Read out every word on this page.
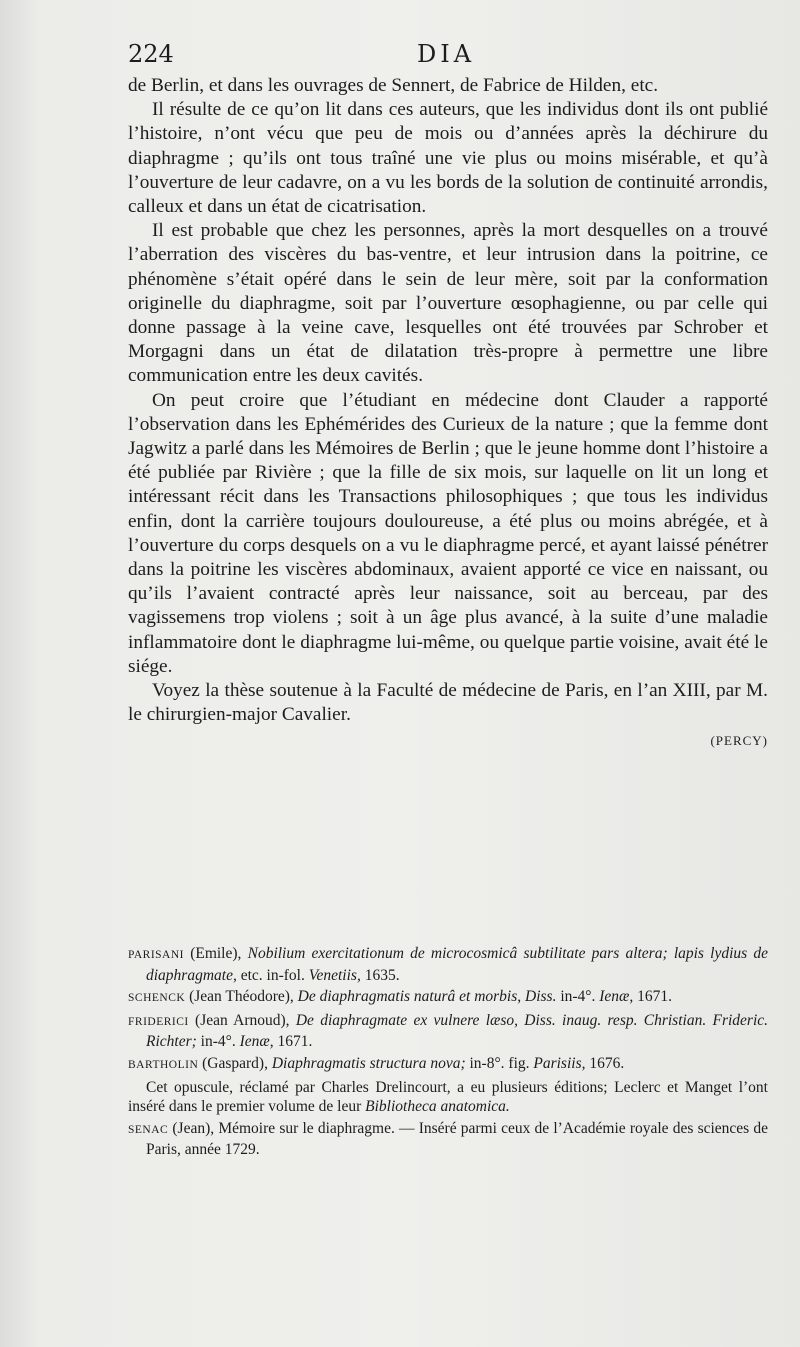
224	DIA

de Berlin, et dans les ouvrages de Sennert, de Fabrice de Hilden, etc.

Il résulte de ce qu’on lit dans ces auteurs, que les individus dont ils ont publié l’histoire, n’ont vécu que peu de mois ou d’années après la déchirure du diaphragme ; qu’ils ont tous traîné une vie plus ou moins misérable, et qu’à l’ouverture de leur cadavre, on a vu les bords de la solution de continuité arrondis, calleux et dans un état de cicatrisation.

Il est probable que chez les personnes, après la mort desquelles on a trouvé l’aberration des viscères du bas-ventre, et leur intrusion dans la poitrine, ce phénomène s’était opéré dans le sein de leur mère, soit par la conformation originelle du diaphragme, soit par l’ouverture œsophagienne, ou par celle qui donne passage à la veine cave, lesquelles ont été trouvées par Schrober et Morgagni dans un état de dilatation très-propre à permettre une libre communication entre les deux cavités.

On peut croire que l’étudiant en médecine dont Clauder a rapporté l’observation dans les Ephémérides des Curieux de la nature ; que la femme dont Jagwitz a parlé dans les Mémoires de Berlin ; que le jeune homme dont l’histoire a été publiée par Rivière ; que la fille de six mois, sur laquelle on lit un long et intéressant récit dans les Transactions philosophiques ; que tous les individus enfin, dont la carrière toujours douloureuse, a été plus ou moins abrégée, et à l’ouverture du corps desquels on a vu le diaphragme percé, et ayant laissé pénétrer dans la poitrine les viscères abdominaux, avaient apporté ce vice en naissant, ou qu’ils l’avaient contracté après leur naissance, soit au berceau, par des vagissemens trop violens ; soit à un âge plus avancé, à la suite d’une maladie inflammatoire dont le diaphragme lui-même, ou quelque partie voisine, avait été le siége.

Voyez la thèse soutenue à la Faculté de médecine de Paris, en l’an XIII, par M. le chirurgien-major Cavalier.

(PERCY)

PARISANI (Emile), Nobilium exercitationum de microcosmicâ subtilitate pars altera; lapis lydius de diaphragmate, etc. in-fol. Venetiis, 1635.

SCHENCK (Jean Théodore), De diaphragmatis naturâ et morbis, Diss. in-4°. Ienæ, 1671.

FRIDERICI (Jean Arnoud), De diaphragmate ex vulnere læso, Diss. inaug. resp. Christian. Frideric. Richter; in-4°. Ienæ, 1671.

BARTHOLIN (Gaspard), Diaphragmatis structura nova; in-8°. fig. Parisiis, 1676.

Cet opuscule, réclamé par Charles Drelincourt, a eu plusieurs éditions; Leclerc et Manget l’ont inséré dans le premier volume de leur Bibliotheca anatomica.

SENAC (Jean), Mémoire sur le diaphragme. — Inséré parmi ceux de l’Académie royale des sciences de Paris, année 1729.
